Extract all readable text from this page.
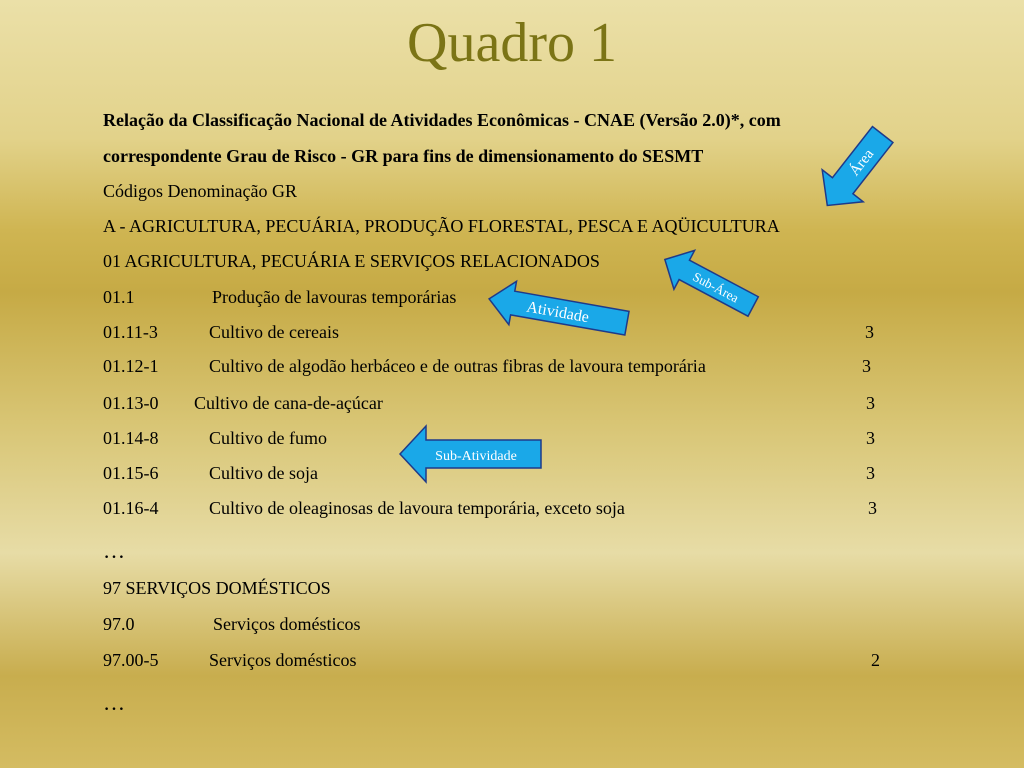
Quadro 1
Relação da Classificação Nacional de Atividades Econômicas - CNAE (Versão 2.0)*, com
correspondente Grau de Risco - GR para fins de dimensionamento do SESMT
Códigos Denominação GR
A - AGRICULTURA, PECUÁRIA, PRODUÇÃO FLORESTAL, PESCA E AQÜICULTURA
01 AGRICULTURA, PECUÁRIA E SERVIÇOS RELACIONADOS
01.1	Produção de lavouras temporárias
01.11-3	Cultivo de cereais	3
01.12-1	Cultivo de algodão herbáceo e de outras fibras de lavoura temporária	3
01.13-0 Cultivo de cana-de-açúcar	3
01.14-8	Cultivo de fumo	3
01.15-6	Cultivo de soja	3
01.16-4	Cultivo de oleaginosas de lavoura temporária, exceto soja	3
…
97 SERVIÇOS DOMÉSTICOS
97.0	Serviços domésticos
97.00-5	Serviços domésticos	2
…
Área
Sub-Área
Atividade
Sub-Atividade
